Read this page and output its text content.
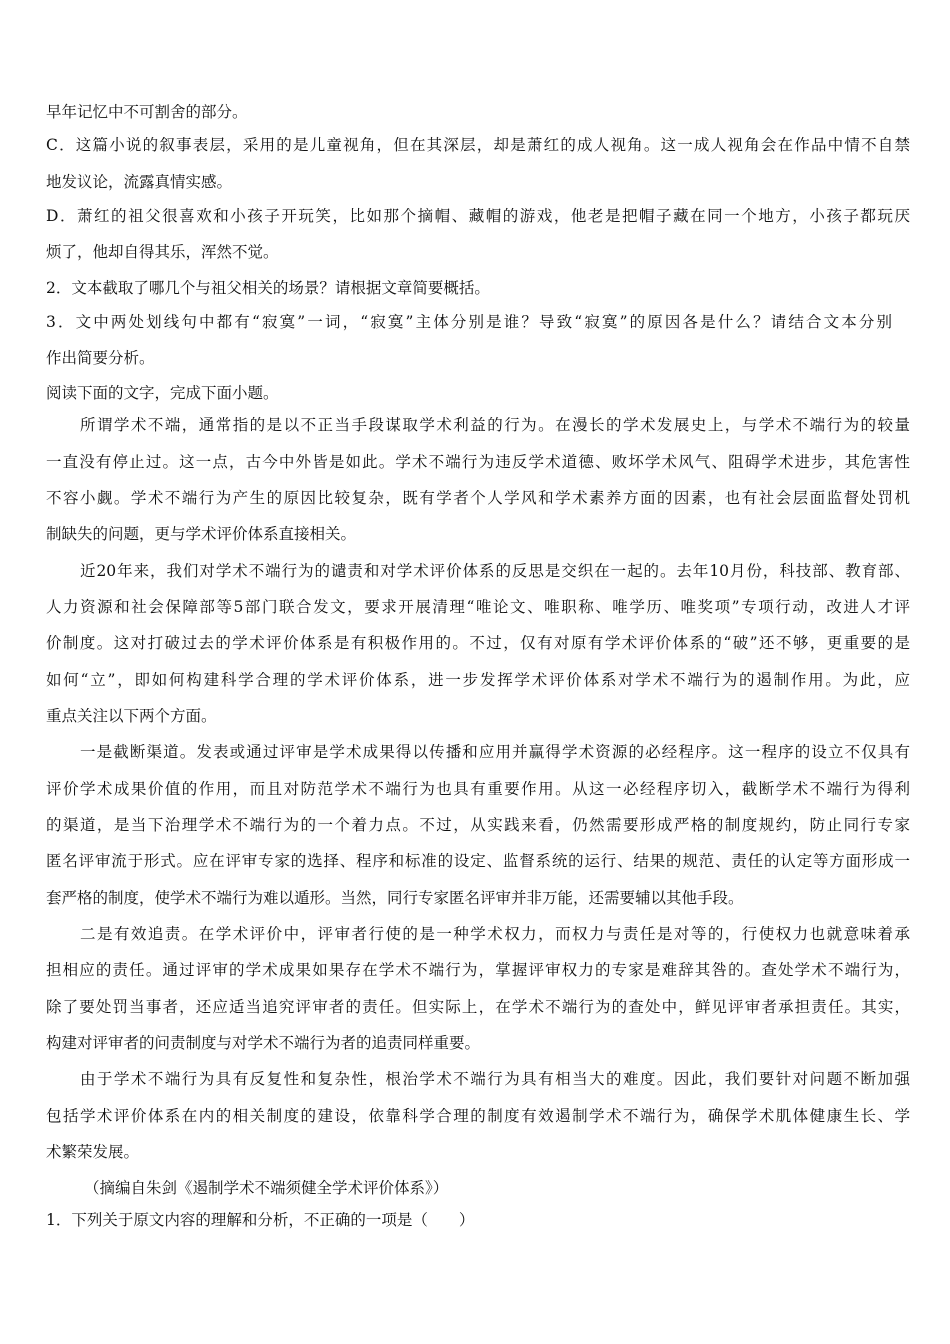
早年记忆中不可割舍的部分。
C．这篇小说的叙事表层，采用的是儿童视角，但在其深层，却是萧红的成人视角。这一成人视角会在作品中情不自禁
地发议论，流露真情实感。
D．萧红的祖父很喜欢和小孩子开玩笑，比如那个摘帽、藏帽的游戏，他老是把帽子藏在同一个地方，小孩子都玩厌
烦了，他却自得其乐，浑然不觉。
2．文本截取了哪几个与祖父相关的场景？请根据文章简要概括。
3．文中两处划线句中都有“寂寞”一词，“寂寞”主体分别是谁？导致“寂寞”的原因各是什么？请结合文本分别
作出简要分析。
阅读下面的文字，完成下面小题。
所谓学术不端，通常指的是以不正当手段谋取学术利益的行为。在漫长的学术发展史上，与学术不端行为的较量
一直没有停止过。这一点，古今中外皆是如此。学术不端行为违反学术道德、败坏学术风气、阻碍学术进步，其危害性
不容小觑。学术不端行为产生的原因比较复杂，既有学者个人学风和学术素养方面的因素，也有社会层面监督处罚机
制缺失的问题，更与学术评价体系直接相关。
近20年来，我们对学术不端行为的谴责和对学术评价体系的反思是交织在一起的。去年10月份，科技部、教育部、
人力资源和社会保障部等5部门联合发文，要求开展清理“唯论文、唯职称、唯学历、唯奖项”专项行动，改进人才评
价制度。这对打破过去的学术评价体系是有积极作用的。不过，仅有对原有学术评价体系的“破”还不够，更重要的是
如何“立”，即如何构建科学合理的学术评价体系，进一步发挥学术评价体系对学术不端行为的遏制作用。为此，应
重点关注以下两个方面。
一是截断渠道。发表或通过评审是学术成果得以传播和应用并赢得学术资源的必经程序。这一程序的设立不仅具有
评价学术成果价值的作用，而且对防范学术不端行为也具有重要作用。从这一必经程序切入，截断学术不端行为得利
的渠道，是当下治理学术不端行为的一个着力点。不过，从实践来看，仍然需要形成严格的制度规约，防止同行专家
匿名评审流于形式。应在评审专家的选择、程序和标准的设定、监督系统的运行、结果的规范、责任的认定等方面形成一
套严格的制度，使学术不端行为难以遁形。当然，同行专家匿名评审并非万能，还需要辅以其他手段。
二是有效追责。在学术评价中，评审者行使的是一种学术权力，而权力与责任是对等的，行使权力也就意味着承
担相应的责任。通过评审的学术成果如果存在学术不端行为，掌握评审权力的专家是难辞其咎的。查处学术不端行为，
除了要处罚当事者，还应适当追究评审者的责任。但实际上，在学术不端行为的查处中，鲜见评审者承担责任。其实，
构建对评审者的问责制度与对学术不端行为者的追责同样重要。
由于学术不端行为具有反复性和复杂性，根治学术不端行为具有相当大的难度。因此，我们要针对问题不断加强
包括学术评价体系在内的相关制度的建设，依靠科学合理的制度有效遏制学术不端行为，确保学术肌体健康生长、学
术繁荣发展。
（摘编自朱剑《遏制学术不端须健全学术评价体系》）
1．下列关于原文内容的理解和分析，不正确的一项是（　　）
